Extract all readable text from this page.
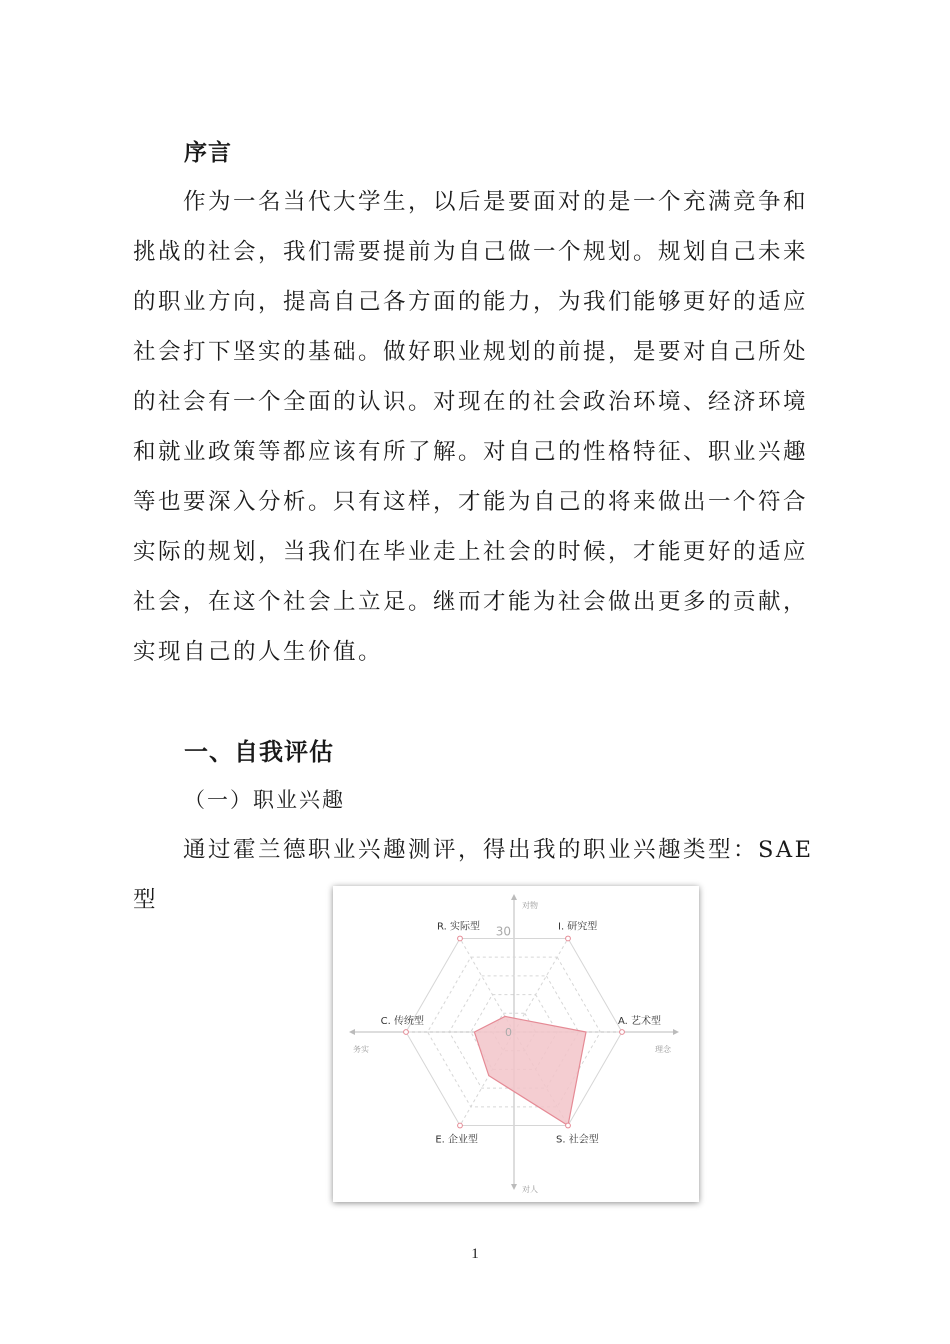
序言
作为一名当代大学生，以后是要面对的是一个充满竞争和
挑战的社会，我们需要提前为自己做一个规划。规划自己未来
的职业方向，提高自己各方面的能力，为我们能够更好的适应
社会打下坚实的基础。做好职业规划的前提，是要对自己所处
的社会有一个全面的认识。对现在的社会政治环境、经济环境
和就业政策等都应该有所了解。对自己的性格特征、职业兴趣
等也要深入分析。只有这样，才能为自己的将来做出一个符合
实际的规划，当我们在毕业走上社会的时候，才能更好的适应
社会，在这个社会上立足。继而才能为社会做出更多的贡献，
实现自己的人生价值。
一、自我评估
（一）职业兴趣
通过霍兰德职业兴趣测评，得出我的职业兴趣类型：SAE
型
I. 研究型
A. 艺术型
S. 社会型
E. 企业型
C. 传统型
R. 实际型 30
0
对物
对人
务实	理念
1
